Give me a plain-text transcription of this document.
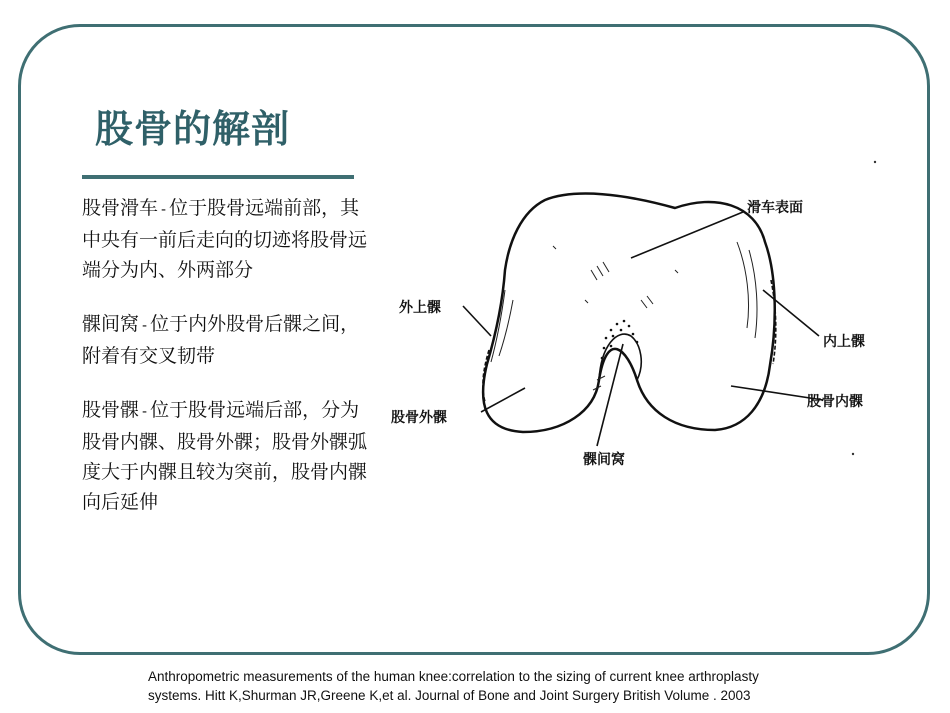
股骨的解剖

股骨滑车 - 位于股骨远端前部，其中央有一前后走向的切迹将股骨远端分为内、外两部分

髁间窝 - 位于内外股骨后髁之间，附着有交叉韧带

股骨髁 - 位于股骨远端后部，分为股骨内髁、股骨外髁；股骨外髁弧度大于内髁且较为突前，股骨内髁向后延伸

滑车表面
外上髁
内上髁
股骨内髁
股骨外髁
髁间窝
Anthropometric measurements of the human knee:correlation to the sizing of current knee arthroplasty
systems. Hitt K,Shurman JR,Greene K,et al. Journal of Bone and Joint Surgery British Volume . 2003
